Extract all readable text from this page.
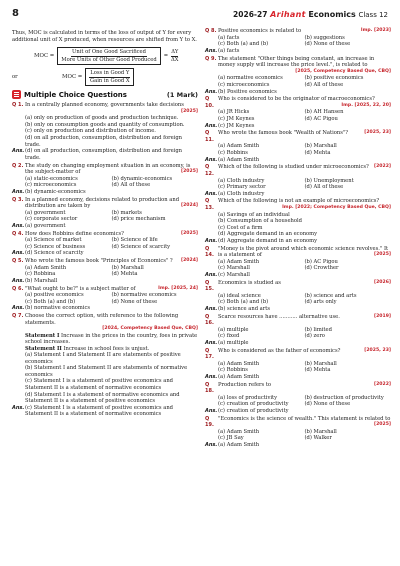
8	2026-27 Arihant Economics Class 12

Thus, MOC is calculated in terms of the loss of output of Y for every additional unit of X produced, when resources are shifted from Y to X.

MOC =
Unit of One Good Sacrificed
More Units of Other Good Produced
= $\frac{\Delta Y}{\Delta X}$
or	MOC =
Loss in Good Y
Gain in Good X
Multiple Choice Questions	(1 Mark)
Q 1. In a centrally planned economy, governments take decisions
[2025]
(a) only on production of goods and production technique.
(b) only on consumption goods and quantity of consumption.
(c) only on production and distribution of income.
(d) on all production, consumption, distribution and foreign trade.
Ans. (d) on all production, consumption, distribution and foreign trade.
Q 2. The study on changing employment situation in an economy, is the subject-matter of	[2025]
(a) static-economics	(b) dynamic-economics
(c) microeconomics	(d) All of these
Ans. (b) dynamic-economics
Q 3. In a planned economy, decisions related to production and distribution are taken by	[2024]
(a) government	(b) markets
(c) corporate sector	(d) price mechanism
Ans. (a) government
Q 4. How does Robbins define economics?	[2025]
(a) Science of market	(b) Science of life
(c) Science of business	(d) Science of scarcity
Ans. (d) Science of scarcity
Q 5. Who wrote the famous book "Principles of Economics" ? [2024]
(a) Adam Smith	(b) Marshall
(c) Robbina	(d) Mehta
Ans. (b) Marshall
Q 6. "What ought to be?" is a subject matter of	Imp. [2025, 24]
(a) positive economics	(b) normative economics
(c) Both (a) and (b)	(d) None of these
Ans. (b) normative economics
Q 7. Choose the correct option, with reference to the following statements.
[2024, Competency Based Que, CBQ]
Statement I Increase in the prices in the country, foes in private school increases.
Statement II Increase in school fees is unjust.
(a) Statement I and Statement II are statements of positive economics
(b) Statement I and Statement II are statements of normative economics
(c) Statement I is a statement of positive economics and Statement II is a statement of normative economics
(d) Statement I is a statement of normative economics and Statement II is a statement of positive economics
Ans. (c) Statement I is a statement of positive economics and Statement II is a statement of normative economics
Q 8. Positive economics is related to	Imp. [2023]
(a) facts	(b) suggestions
(c) Both (a) and (b)	(d) None of these
Ans. (a) facts
Q 9. The statement "Other things being constant, an increase in money supply will increase the price level.", is related to
[2025, Competency Based Que, CBQ]
(a) normative economics	(b) positive economics
(c) microeconomics	(d) All of these
Ans. (b) Positive economics
Q 10.
Who is considered to be the originator of macroeconomics?
Imp. [2025, 22, 20]
(a) JR Hicks	(b) AH Hansen
(c) JM Keynes	(d) AC Pigou
Ans. (c) JM Keynes
Q 11.
Who wrote the famous book "Wealth of Nations"?	[2025, 23]
(a) Adam Smith	(b) Marshall
(c) Robbins	(d) Mehta
Ans. (a) Adam Smith
Q 12.
Which of the following is studied under microeconomics? [2022]
(a) Cloth industry	(b) Unemployment
(c) Primary sector	(d) All of these
Ans. (a) Cloth industry
Q 13.
Which of the following is not an example of microeconomics?
Imp. [2022; Competency Based Que, CBQ]
(a) Savings of an individual
(b) Consumption of a household
(c) Cost of a firm
(d) Aggregate demand in an economy
Ans. (d) Aggregate demand in an economy
Q 14.
"Money is the pivot around which economic science revolves." It is a statement of	[2025]
(a) Adam Smith	(b) AC Pigou
(c) Marshall	(d) Crowther
Ans. (c) Marshall
Q 15.
Economics is studied as	[2026]
(a) ideal science	(b) science and arts
(c) Both (a) and (b)	(d) arts only
Ans. (b) science and arts
Q 16.
Scarce resources have ........... alternative use.	[2019]
(a) multiple	(b) limited
(c) fixed	(d) zero
Ans. (a) multiple
Q 17.
Who is considered as the father of economics?	[2025, 23]
(a) Adam Smith	(b) Marshall
(c) Robbins	(d) Mehta
Ans. (a) Adam Smith
Q 18.
Production refers to	[2022]
(a) loss of productivity	(b) destruction of productivity
(c) creation of productivity	(d) None of these
Ans. (c) creation of productivity
Q 19.
"Economics is the science of wealth." This statement is related to
[2025]
(a) Adam Smith	(b) Marshall
(c) JB Say	(d) Walker
Ans. (a) Adam Smith
